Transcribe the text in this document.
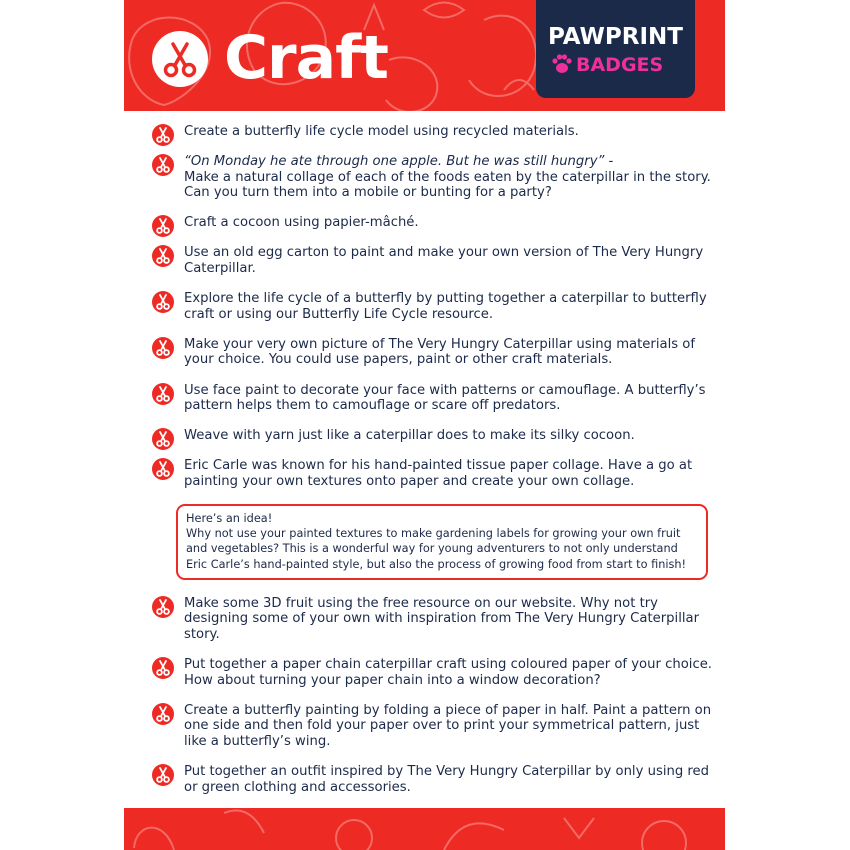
Craft	PAWPRINT
BADGES
Create a butterfly life cycle model using recycled materials.
“On Monday he ate through one apple. But he was still hungry” -
Make a natural collage of each of the foods eaten by the caterpillar in the story. Can you turn them into a mobile or bunting for a party?
Craft a cocoon using papier-mâché.
Use an old egg carton to paint and make your own version of The Very Hungry Caterpillar.
Explore the life cycle of a butterfly by putting together a caterpillar to butterfly craft or using our Butterfly Life Cycle resource.
Make your very own picture of The Very Hungry Caterpillar using materials of your choice. You could use papers, paint or other craft materials.
Use face paint to decorate your face with patterns or camouflage. A butterfly’s pattern helps them to camouflage or scare off predators.
Weave with yarn just like a caterpillar does to make its silky cocoon.
Eric Carle was known for his hand-painted tissue paper collage. Have a go at painting your own textures onto paper and create your own collage.
Here’s an idea!
Why not use your painted textures to make gardening labels for growing your own fruit and vegetables? This is a wonderful way for young adventurers to not only understand Eric Carle’s hand-painted style, but also the process of growing food from start to finish!
Make some 3D fruit using the free resource on our website. Why not try designing some of your own with inspiration from The Very Hungry Caterpillar story.
Put together a paper chain caterpillar craft using coloured paper of your choice. How about turning your paper chain into a window decoration?
Create a butterfly painting by folding a piece of paper in half. Paint a pattern on one side and then fold your paper over to print your symmetrical pattern, just like a butterfly’s wing.
Put together an outfit inspired by The Very Hungry Caterpillar by only using red or green clothing and accessories.
